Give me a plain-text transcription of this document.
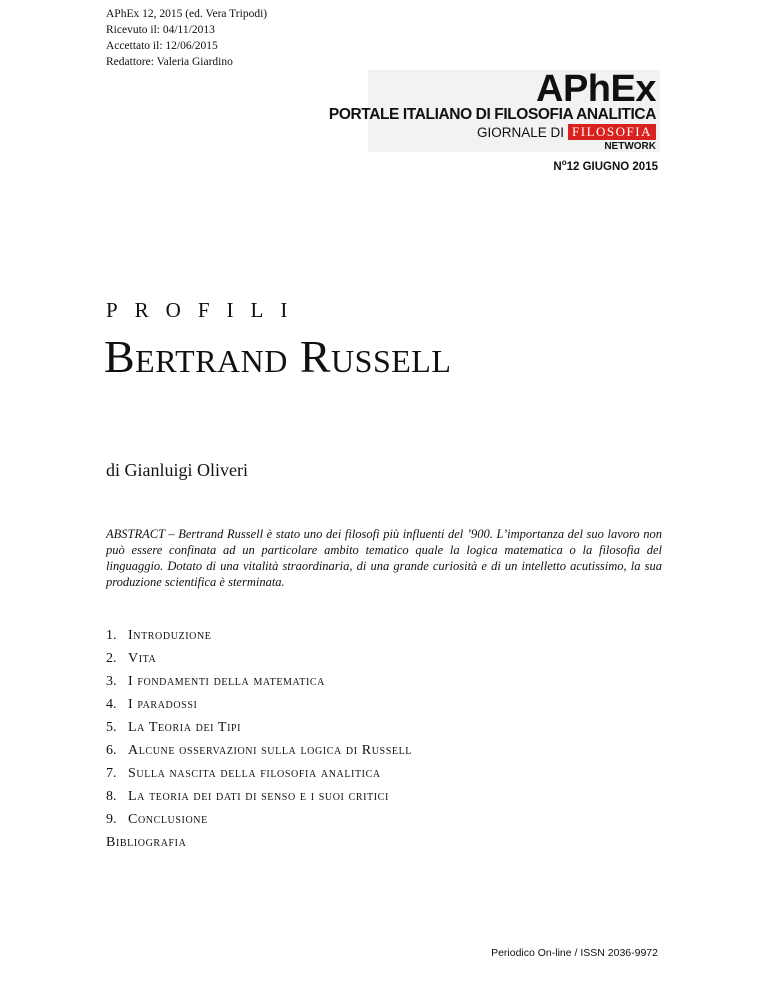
APhEx 12, 2015 (ed. Vera Tripodi)
Ricevuto il: 04/11/2013
Accettato il: 12/06/2015
Redattore: Valeria Giardino
APhEx
PORTALE ITALIANO DI FILOSOFIA ANALITICA
GIORNALE DI FILOSOFIA
NETWORK
$N^o12$ GIUGNO 2015
PROFILI
Bertrand Russell
di Gianluigi Oliveri
ABSTRACT – Bertrand Russell è stato uno dei filosofi più influenti del ’900. L’importanza del suo lavoro non può essere confinata ad un particolare ambito tematico quale la logica matematica o la filosofia del linguaggio. Dotato di una vitalità straordinaria, di una grande curiosità e di un intelletto acutissimo, la sua produzione scientifica è sterminata.
1. Introduzione
2. Vita
3. I fondamenti della matematica
4. I paradossi
5. La Teoria dei Tipi
6. Alcune osservazioni sulla logica di Russell
7. Sulla nascita della filosofia analitica
8. La teoria dei dati di senso e i suoi critici
9. Conclusione
Bibliografia
Periodico On-line / ISSN 2036-9972
